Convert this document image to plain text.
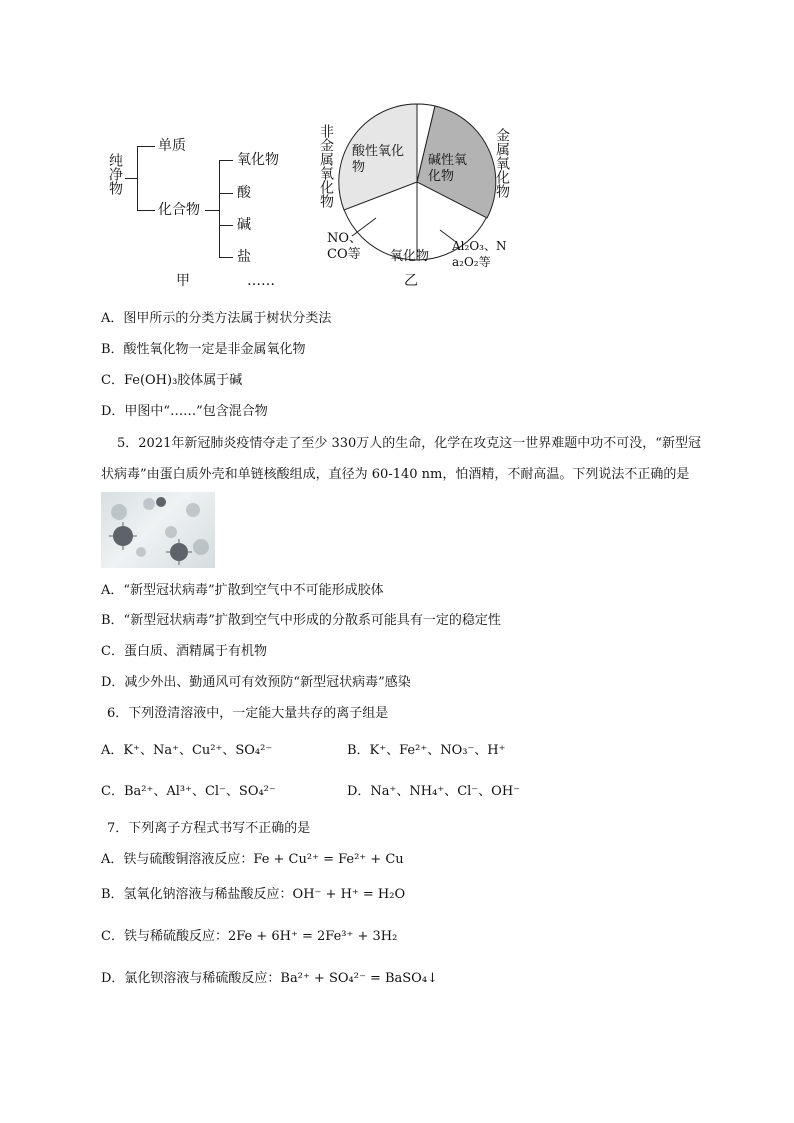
纯净物
单质
化合物
氧化物
酸
碱
盐
……
甲
非金属氧化物	金属氧化物
酸性氧化物	碱性氧化物
NO、CO等	氧化物
乙
Al₂O₃、Na₂O₂等
A．图甲所示的分类方法属于树状分类法
B．酸性氧化物一定是非金属氧化物
C．Fe(OH)₃胶体属于碱
D．甲图中“……”包含混合物
5．2021年新冠肺炎疫情夺走了至少 330万人的生命，化学在攻克这一世界难题中功不可没，“新型冠
状病毒”由蛋白质外壳和单链核酸组成，直径为 60-140 nm，怕酒精，不耐高温。下列说法不正确的是
A．“新型冠状病毒”扩散到空气中不可能形成胶体
B．“新型冠状病毒”扩散到空气中形成的分散系可能具有一定的稳定性
C．蛋白质、酒精属于有机物
D．减少外出、勤通风可有效预防“新型冠状病毒”感染
6．下列澄清溶液中，一定能大量共存的离子组是
A．K⁺、Na⁺、Cu²⁺、SO₄²⁻	B．K⁺、Fe²⁺、NO₃⁻、H⁺
C．Ba²⁺、Al³⁺、Cl⁻、SO₄²⁻	D．Na⁺、NH₄⁺、Cl⁻、OH⁻
7．下列离子方程式书写不正确的是
A．铁与硫酸铜溶液反应：Fe + Cu²⁺ = Fe²⁺ + Cu
B．氢氧化钠溶液与稀盐酸反应：OH⁻ + H⁺ = H₂O
C．铁与稀硫酸反应：2Fe + 6H⁺ = 2Fe³⁺ + 3H₂
D．氯化钡溶液与稀硫酸反应：Ba²⁺ + SO₄²⁻ = BaSO₄↓
